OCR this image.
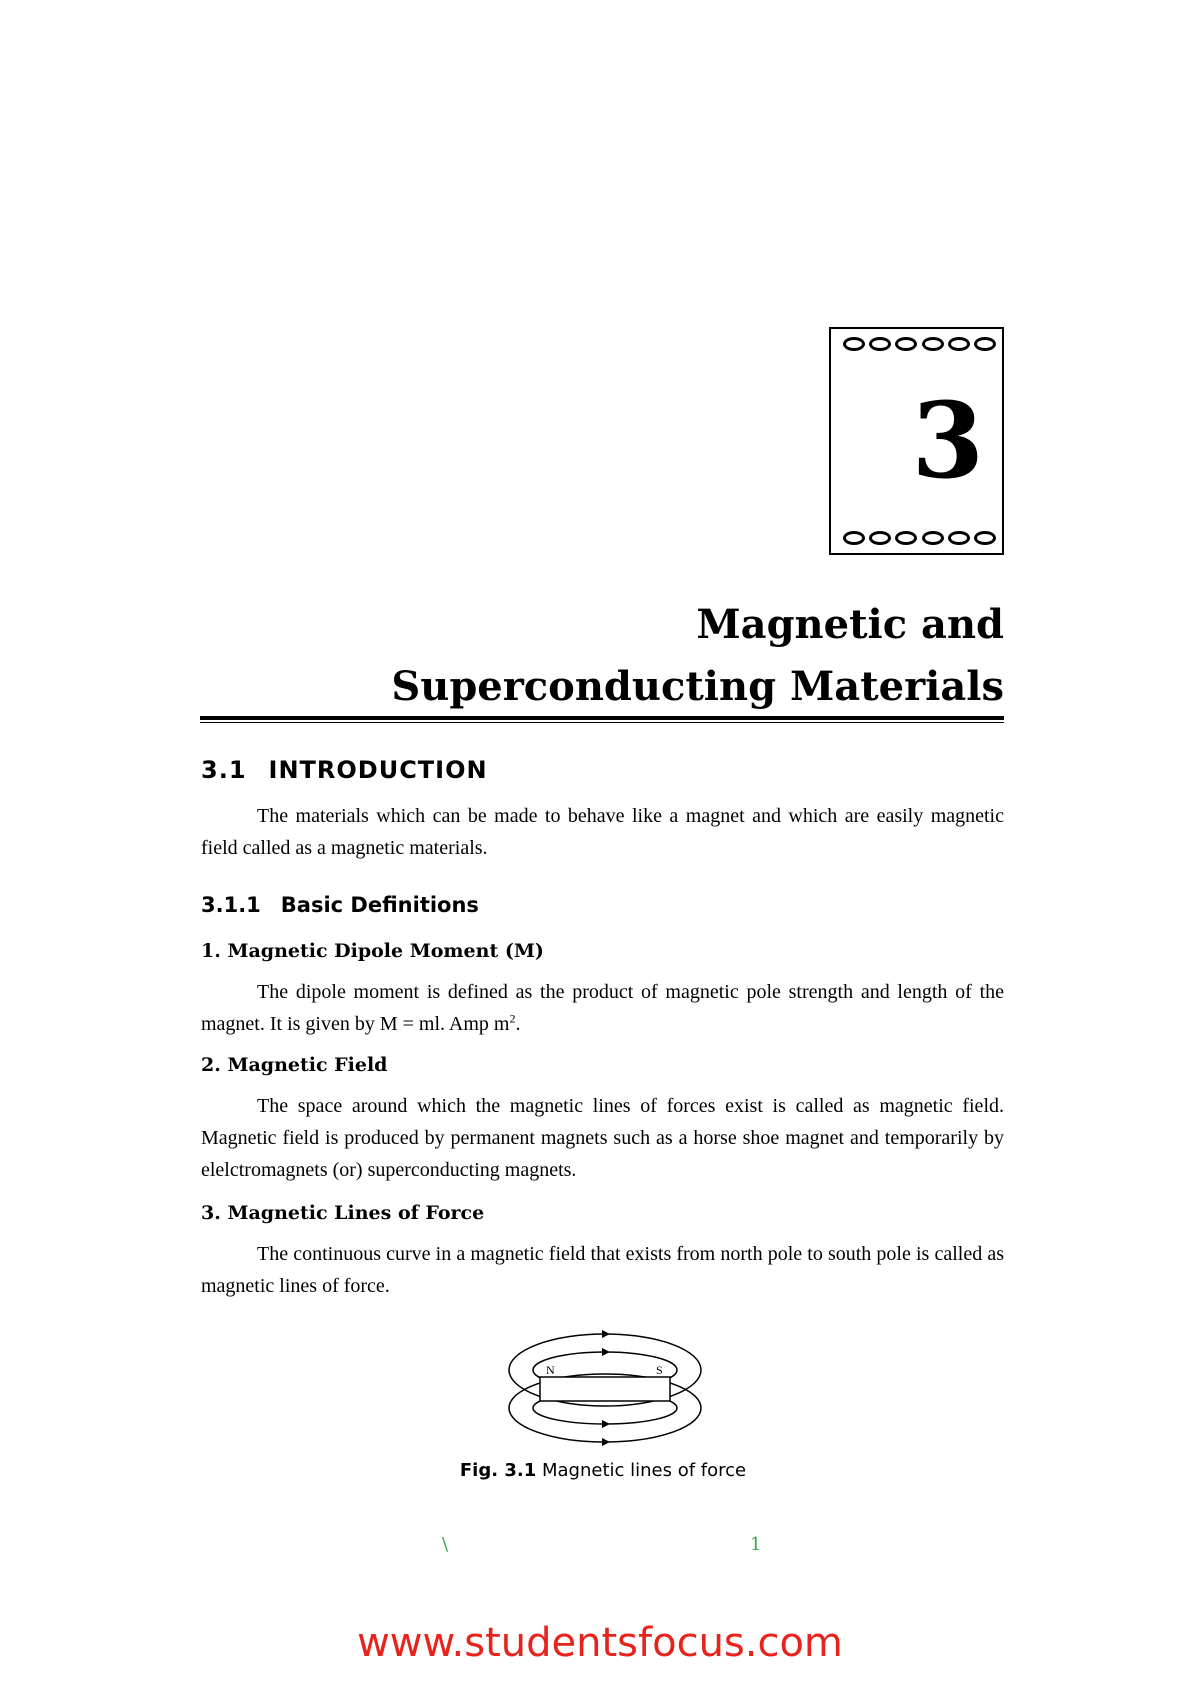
3
Magnetic and
Superconducting Materials
3.1 INTRODUCTION
The materials which can be made to behave like a magnet and which are easily magnetic field called as a magnetic materials.
3.1.1 Basic Definitions
1. Magnetic Dipole Moment (M)
The dipole moment is defined as the product of magnetic pole strength and length of the magnet. It is given by M = ml. Amp $m^2$.
2. Magnetic Field
The space around which the magnetic lines of forces exist is called as magnetic field. Magnetic field is produced by permanent magnets such as a horse shoe magnet and temporarily by elelctromagnets (or) superconducting magnets.
3. Magnetic Lines of Force
The continuous curve in a magnetic field that exists from north pole to south pole is called as magnetic lines of force.
N	S
Fig. 3.1 Magnetic lines of force
\	1
www.studentsfocus.com
